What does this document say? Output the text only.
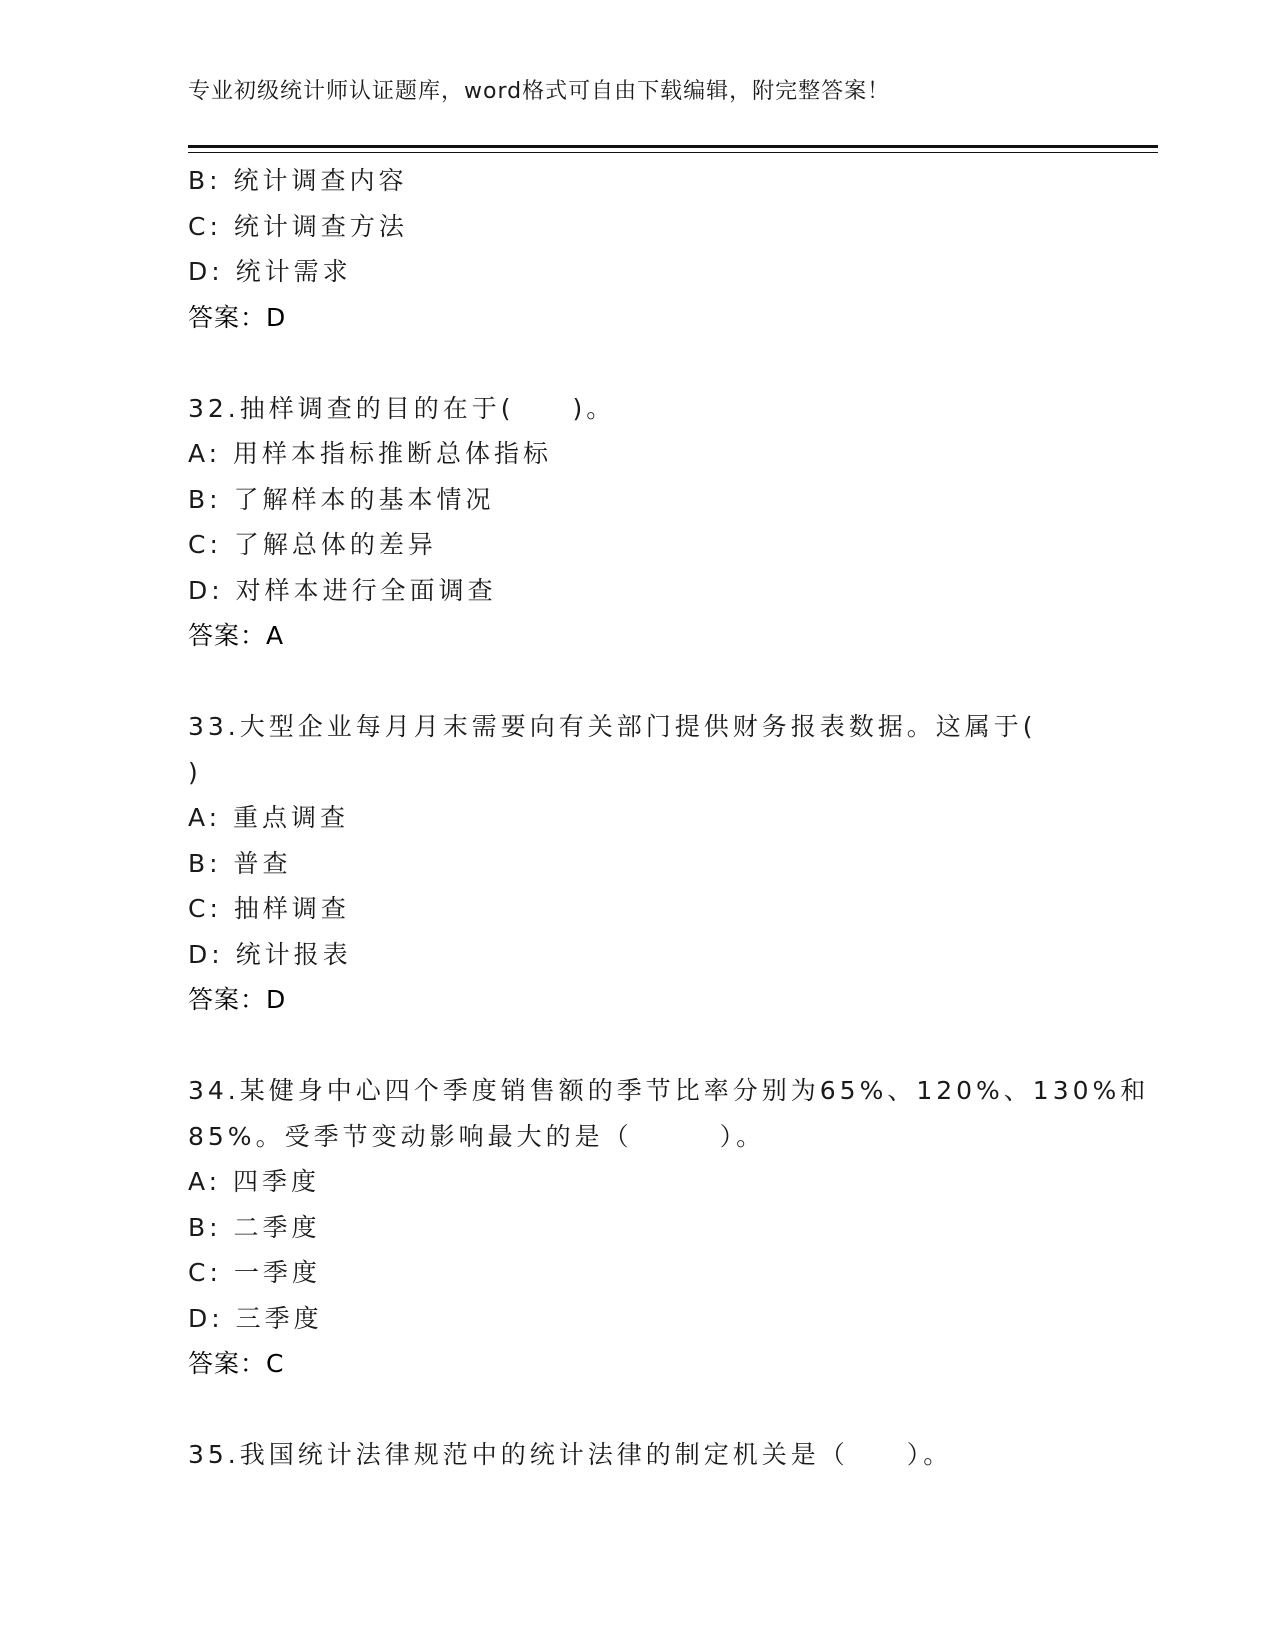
专业初级统计师认证题库，word格式可自由下载编辑，附完整答案！
B: 统计调查内容
C: 统计调查方法
D: 统计需求
答案：D
32.抽样调查的目的在于(　　)。
A: 用样本指标推断总体指标
B: 了解样本的基本情况
C: 了解总体的差异
D: 对样本进行全面调查
答案：A
33.大型企业每月月末需要向有关部门提供财务报表数据。这属于(
)
A: 重点调查
B: 普查
C: 抽样调查
D: 统计报表
答案：D
34.某健身中心四个季度销售额的季节比率分别为65%、120%、130%和
85%。受季节变动影响最大的是（　　　）。
A: 四季度
B: 二季度
C: 一季度
D: 三季度
答案：C
35.我国统计法律规范中的统计法律的制定机关是（　　）。
